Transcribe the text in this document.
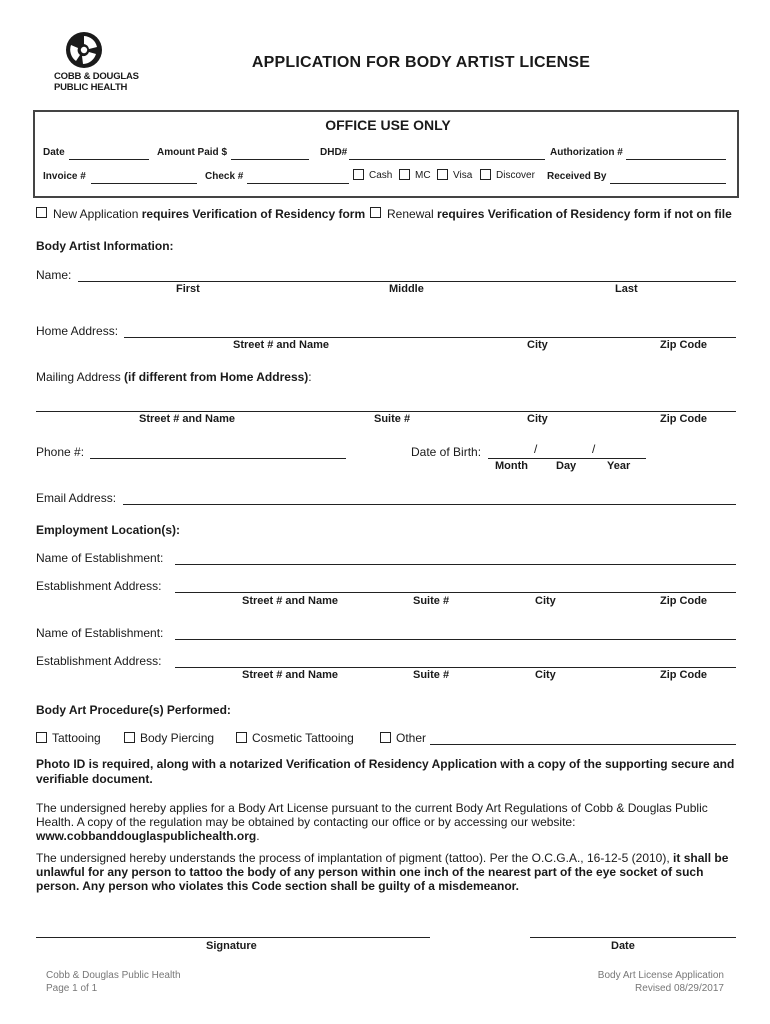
COBB & DOUGLAS
PUBLIC HEALTH
APPLICATION FOR BODY ARTIST LICENSE
OFFICE USE ONLY
Date	Amount Paid $	DHD#	Authorization #
Invoice #	Check #	Cash MC Visa Discover Received By
New Application requires Verification of Residency form Renewal requires Verification of Residency form if not on file
Body Artist Information:
Name:
First	Middle	Last
Home Address:
Street # and Name	City	Zip Code
Mailing Address (if different from Home Address):
Street # and Name	Suite #	City	Zip Code
Phone #:	Date of Birth:	/	/
Month	Day	Year
Email Address:
Employment Location(s):
Name of Establishment:
Establishment Address:
Street # and Name	Suite #	City	Zip Code
Name of Establishment:
Establishment Address:
Street # and Name	Suite #	City	Zip Code
Body Art Procedure(s) Performed:
Tattooing	Body Piercing	Cosmetic Tattooing	Other
Photo ID is required, along with a notarized Verification of Residency Application with a copy of the supporting secure and verifiable document.
The undersigned hereby applies for a Body Art License pursuant to the current Body Art Regulations of Cobb & Douglas Public Health. A copy of the regulation may be obtained by contacting our office or by accessing our website: www.cobbanddouglaspublichealth.org.
The undersigned hereby understands the process of implantation of pigment (tattoo). Per the O.C.G.A., 16-12-5 (2010), it shall be unlawful for any person to tattoo the body of any person within one inch of the nearest part of the eye socket of such person. Any person who violates this Code section shall be guilty of a misdemeanor.
Signature	Date
Cobb & Douglas Public Health
Page 1 of 1
Body Art License Application
Revised 08/29/2017
